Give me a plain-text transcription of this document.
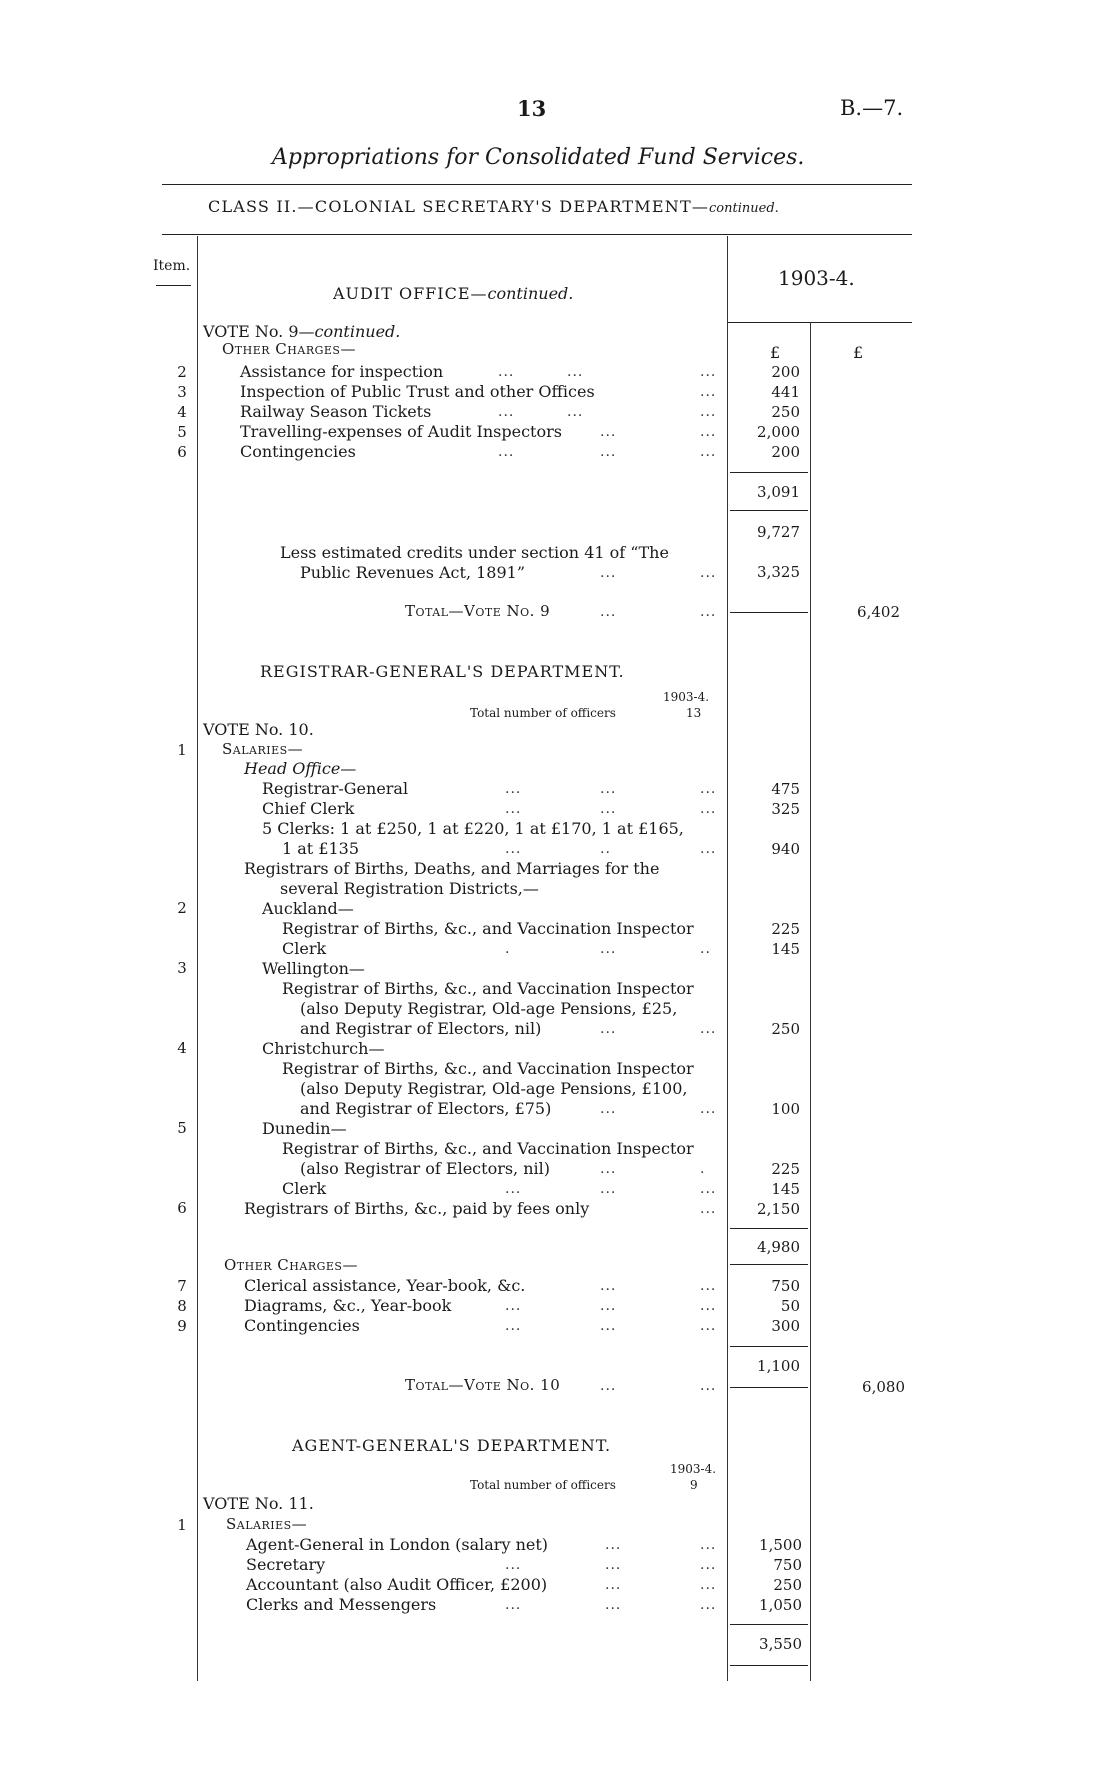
13	B.—7.
Appropriations for Consolidated Fund Services.
CLASS II.—COLONIAL SECRETARY'S DEPARTMENT—continued.
Item.	1903-4.
AUDIT OFFICE—continued.
VOTE No. 9—continued.
Other Charges—	£	£
2	Assistance for inspection	...	...	...	200
3	Inspection of Public Trust and other Offices	...	441
4	Railway Season Tickets	...	...	...	250
5	Travelling-expenses of Audit Inspectors	...	...	2,000
6	Contingencies	...	...	...	200
3,091
9,727
Less estimated credits under section 41 of “The
Public Revenues Act, 1891”	...	...	3,325
Total—Vote No. 9	...	...	6,402
REGISTRAR-GENERAL'S DEPARTMENT.
1903-4.
Total number of officers	13
VOTE No. 10.
1	Salaries—
Head Office—
Registrar-General	...	...	...	475
Chief Clerk	...	...	...	325
5 Clerks: 1 at £250, 1 at £220, 1 at £170, 1 at £165,
1 at £135	...	..	...	940
Registrars of Births, Deaths, and Marriages for the
several Registration Districts,—
2	Auckland—
Registrar of Births, &c., and Vaccination Inspector	225
Clerk	.	...	..	145
3	Wellington—
Registrar of Births, &c., and Vaccination Inspector
(also Deputy Registrar, Old-age Pensions, £25,
and Registrar of Electors, nil)	...	...	250
4	Christchurch—
Registrar of Births, &c., and Vaccination Inspector
(also Deputy Registrar, Old-age Pensions, £100,
and Registrar of Electors, £75)	...	...	100
5	Dunedin—
Registrar of Births, &c., and Vaccination Inspector
(also Registrar of Electors, nil)	...	.	225
Clerk	...	...	...	145
6	Registrars of Births, &c., paid by fees only	...	2,150
4,980
Other Charges—
7	Clerical assistance, Year-book, &c.	...	...	750
8	Diagrams, &c., Year-book	...	...	...	50
9	Contingencies	...	...	...	300
1,100
Total—Vote No. 10	...	...	6,080
AGENT-GENERAL'S DEPARTMENT.
1903-4.
Total number of officers	9
VOTE No. 11.
1	Salaries—
Agent-General in London (salary net)	...	...	1,500
Secretary	...	...	...	750
Accountant (also Audit Officer, £200)	...	...	250
Clerks and Messengers	...	...	...	1,050
3,550
